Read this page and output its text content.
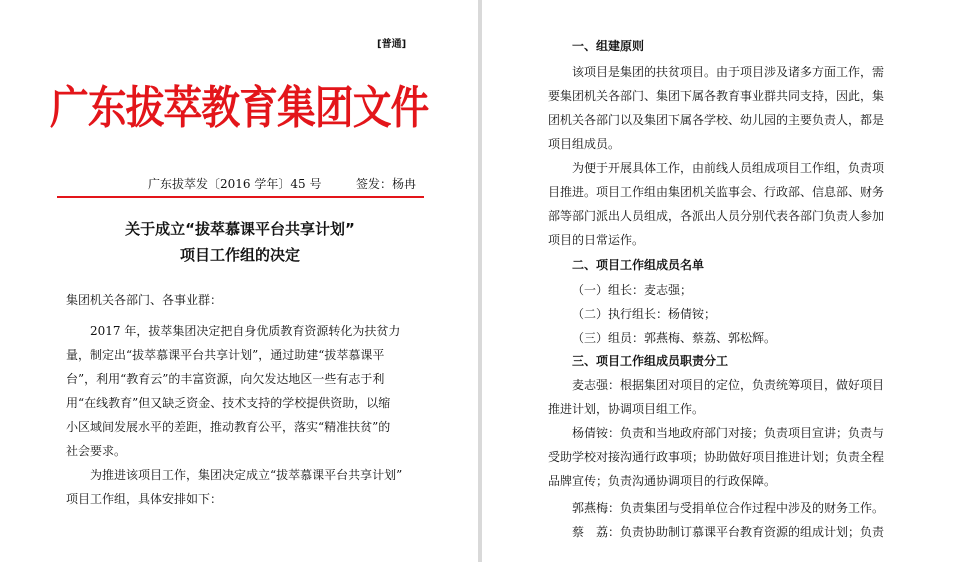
[普通]
广东拔萃教育集团文件
广东拔萃发〔2016 学年〕45 号	签发：杨冉
关于成立“拔萃慕课平台共享计划”
项目工作组的决定
集团机关各部门、各事业群：
2017 年，拔萃集团决定把自身优质教育资源转化为扶贫力
量，制定出“拔萃慕课平台共享计划”，通过助建“拔萃慕课平
台”，利用“教育云”的丰富资源，向欠发达地区一些有志于利
用“在线教育”但又缺乏资金、技术支持的学校提供资助，以缩
小区域间发展水平的差距，推动教育公平，落实“精准扶贫”的
社会要求。
为推进该项目工作，集团决定成立“拔萃慕课平台共享计划”
项目工作组，具体安排如下：
一、组建原则
该项目是集团的扶贫项目。由于项目涉及诸多方面工作，需
要集团机关各部门、集团下属各教育事业群共同支持，因此，集
团机关各部门以及集团下属各学校、幼儿园的主要负责人，都是
项目组成员。
为便于开展具体工作，由前线人员组成项目工作组，负责项
目推进。项目工作组由集团机关监事会、行政部、信息部、财务
部等部门派出人员组成，各派出人员分别代表各部门负责人参加
项目的日常运作。
二、项目工作组成员名单
（一）组长：麦志强；
（二）执行组长：杨倩铵；
（三）组员：郭燕梅、蔡荔、郭松辉。
三、项目工作组成员职责分工
麦志强：根据集团对项目的定位，负责统筹项目，做好项目
推进计划，协调项目组工作。
杨倩铵：负责和当地政府部门对接；负责项目宣讲；负责与
受助学校对接沟通行政事项；协助做好项目推进计划；负责全程
品牌宣传；负责沟通协调项目的行政保障。
郭燕梅：负责集团与受捐单位合作过程中涉及的财务工作。
蔡　荔：负责协助制订慕课平台教育资源的组成计划；负责
